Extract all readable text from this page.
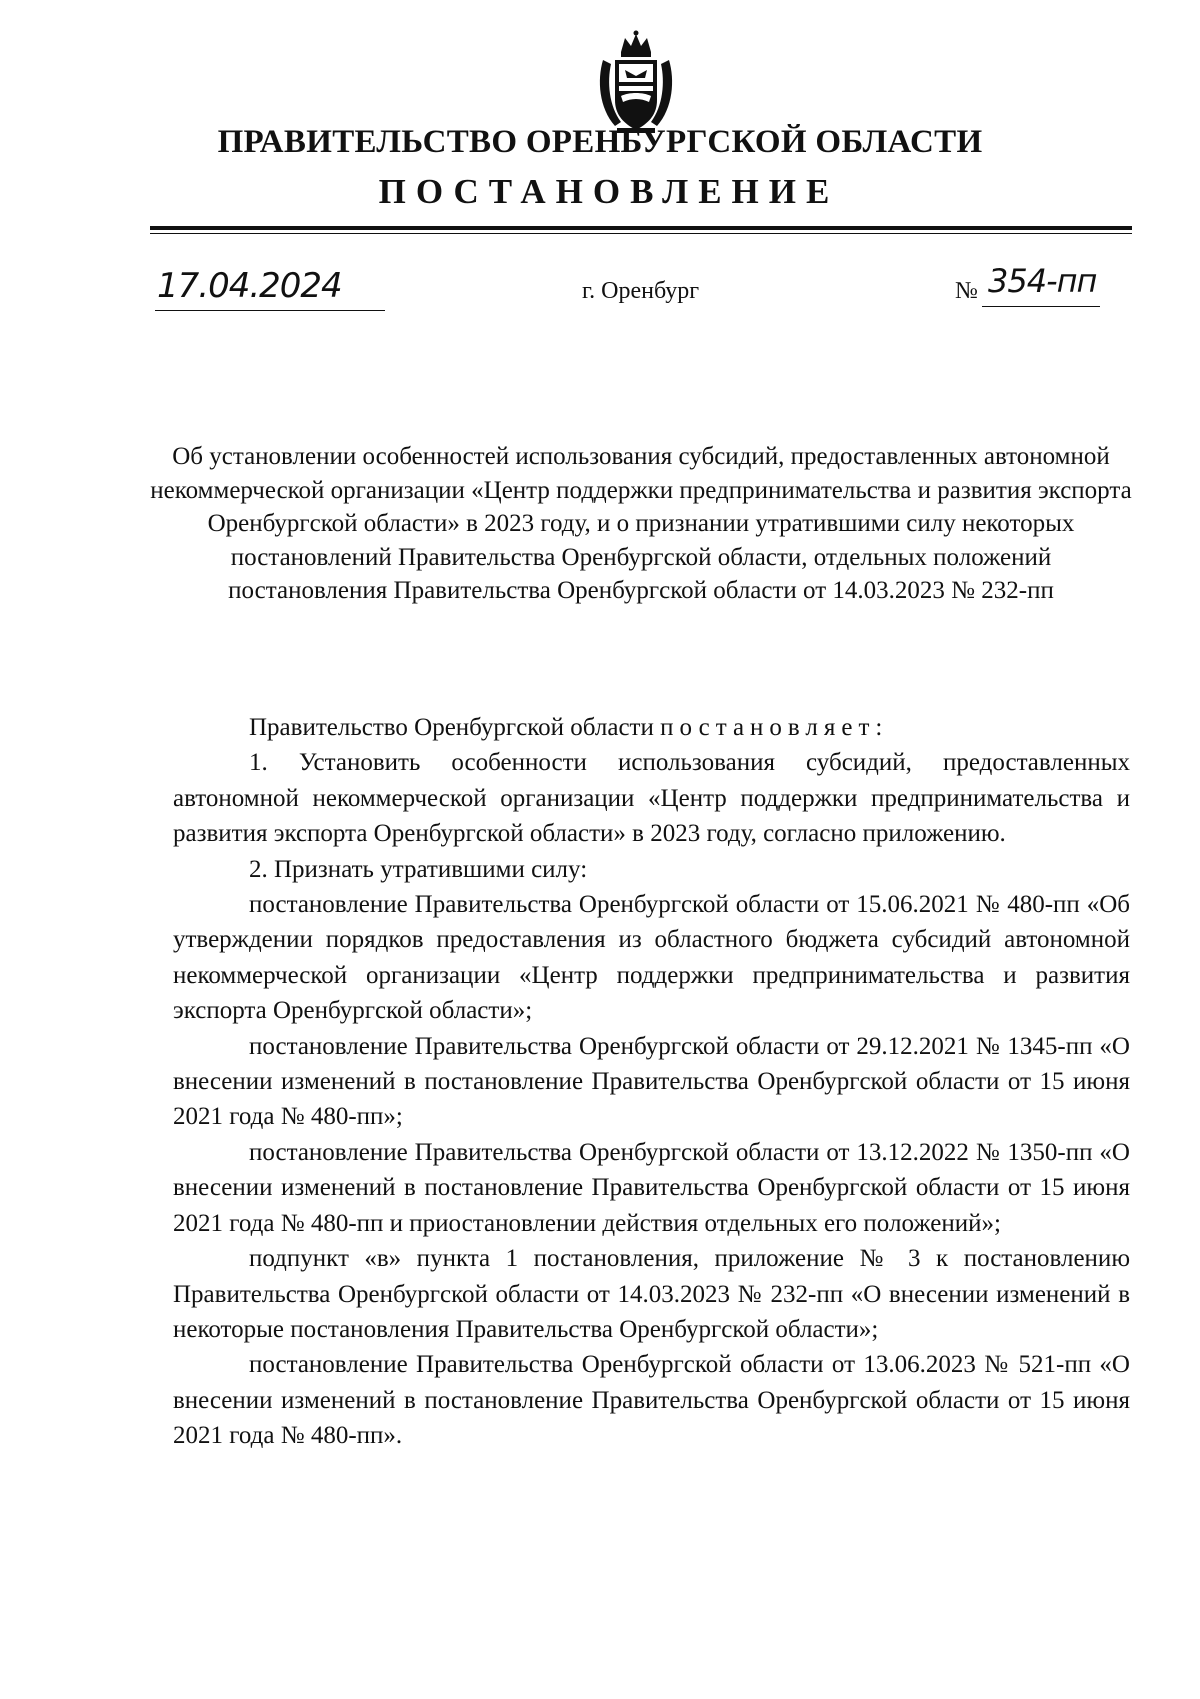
ПРАВИТЕЛЬСТВО ОРЕНБУРГСКОЙ ОБЛАСТИ
ПОСТАНОВЛЕНИЕ
17.04.2024	г. Оренбург	№ 354-пп
Об установлении особенностей использования субсидий, предоставленных автономной некоммерческой организации «Центр поддержки предпринимательства и развития экспорта Оренбургской области» в 2023 году, и о признании утратившими силу некоторых постановлений Правительства Оренбургской области, отдельных положений постановления Правительства Оренбургской области от 14.03.2023 № 232-пп

Правительство Оренбургской области постановляет:

1. Установить особенности использования субсидий, предоставленных автономной некоммерческой организации «Центр поддержки предпринимательства и развития экспорта Оренбургской области» в 2023 году, согласно приложению.

2. Признать утратившими силу:

постановление Правительства Оренбургской области от 15.06.2021 № 480-пп «Об утверждении порядков предоставления из областного бюджета субсидий автономной некоммерческой организации «Центр поддержки предпринимательства и развития экспорта Оренбургской области»;

постановление Правительства Оренбургской области от 29.12.2021 № 1345-пп «О внесении изменений в постановление Правительства Оренбургской области от 15 июня 2021 года № 480-пп»;

постановление Правительства Оренбургской области от 13.12.2022 № 1350-пп «О внесении изменений в постановление Правительства Оренбургской области от 15 июня 2021 года № 480-пп и приостановлении действия отдельных его положений»;

подпункт «в» пункта 1 постановления, приложение № 3 к постановлению Правительства Оренбургской области от 14.03.2023 № 232-пп «О внесении изменений в некоторые постановления Правительства Оренбургской области»;

постановление Правительства Оренбургской области от 13.06.2023 № 521-пп «О внесении изменений в постановление Правительства Оренбургской области от 15 июня 2021 года № 480-пп».
